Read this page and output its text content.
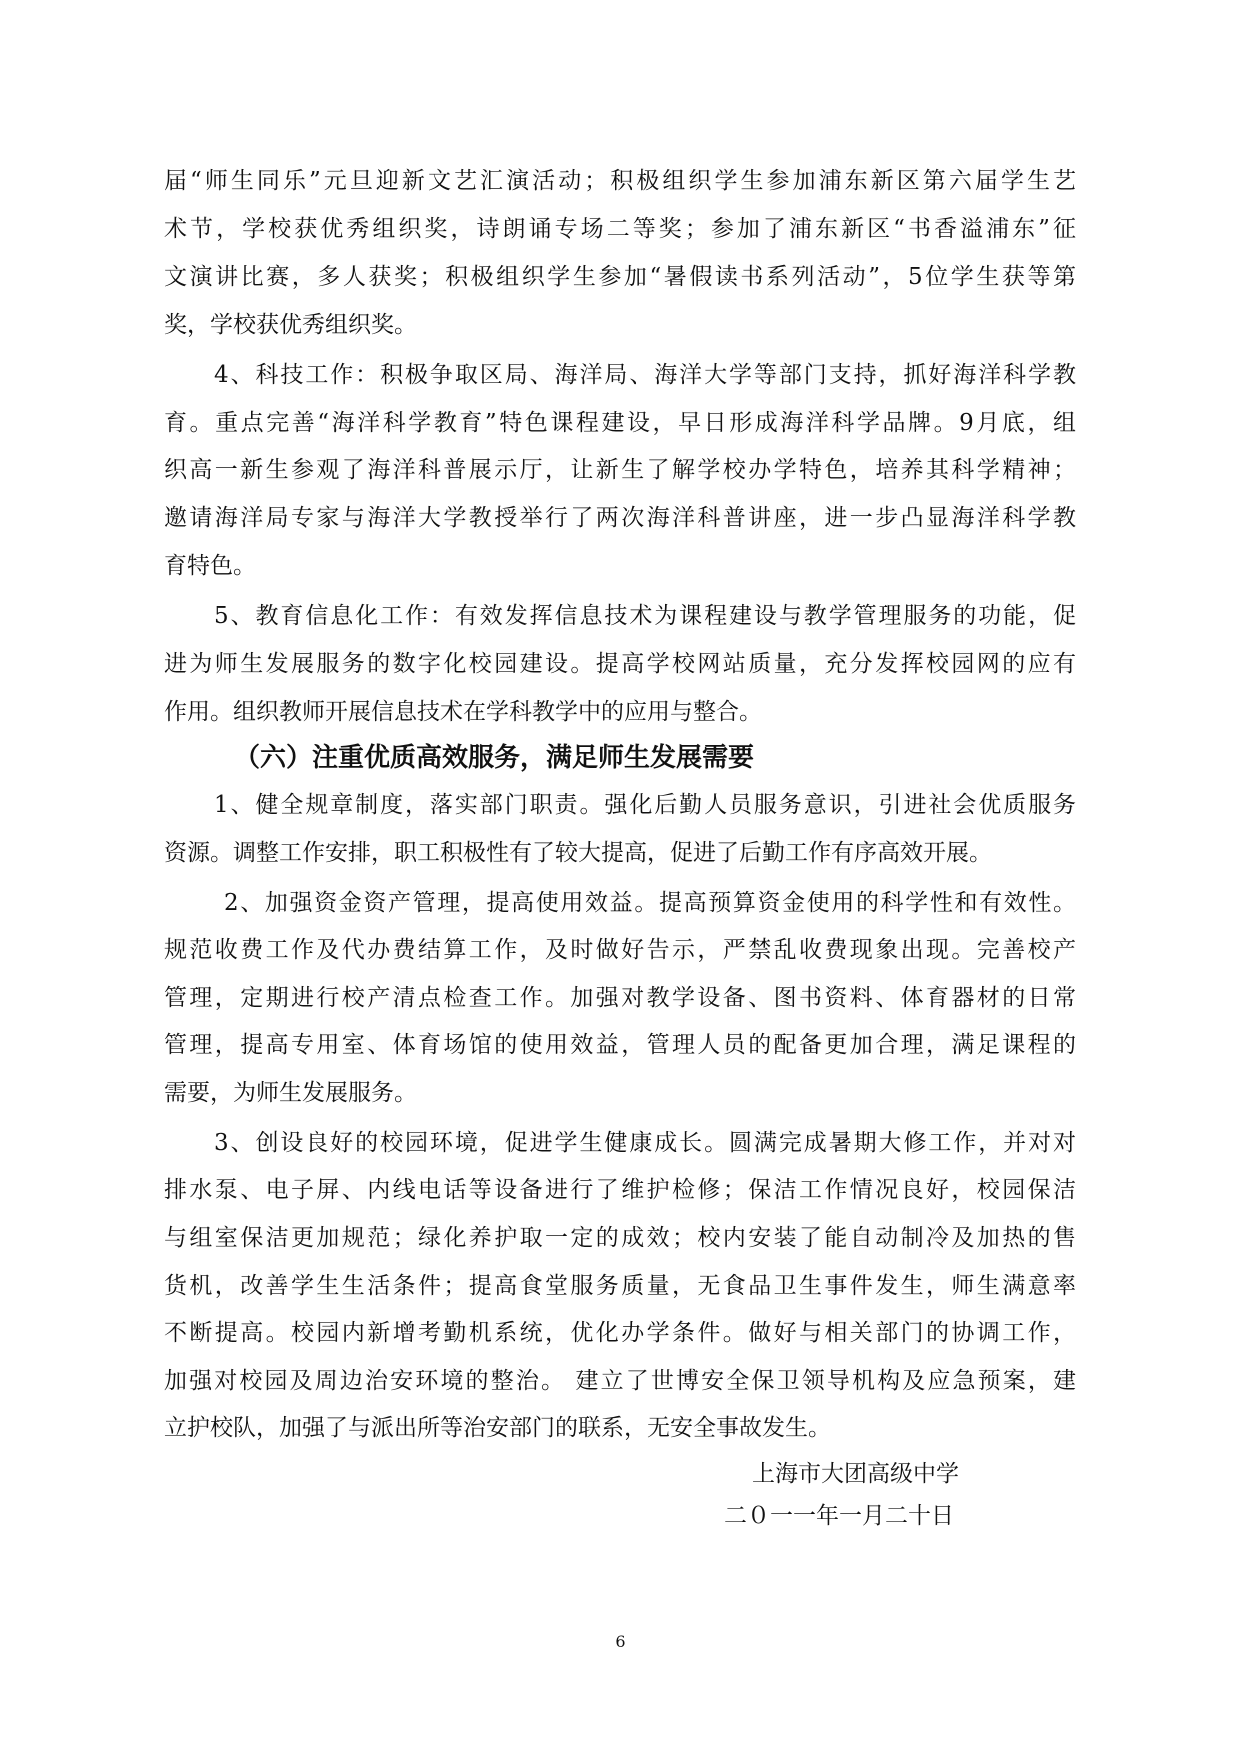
届“师生同乐”元旦迎新文艺汇演活动；积极组织学生参加浦东新区第六届学生艺
术节，学校获优秀组织奖，诗朗诵专场二等奖；参加了浦东新区“书香溢浦东”征
文演讲比赛，多人获奖；积极组织学生参加“暑假读书系列活动”，5位学生获等第
奖，学校获优秀组织奖。
4、科技工作：积极争取区局、海洋局、海洋大学等部门支持，抓好海洋科学教
育。重点完善“海洋科学教育”特色课程建设，早日形成海洋科学品牌。9月底，组
织高一新生参观了海洋科普展示厅，让新生了解学校办学特色，培养其科学精神；
邀请海洋局专家与海洋大学教授举行了两次海洋科普讲座，进一步凸显海洋科学教
育特色。
5、教育信息化工作：有效发挥信息技术为课程建设与教学管理服务的功能，促
进为师生发展服务的数字化校园建设。提高学校网站质量，充分发挥校园网的应有
作用。组织教师开展信息技术在学科教学中的应用与整合。
（六）注重优质高效服务，满足师生发展需要
1、健全规章制度，落实部门职责。强化后勤人员服务意识，引进社会优质服务
资源。调整工作安排，职工积极性有了较大提高，促进了后勤工作有序高效开展。
2、加强资金资产管理，提高使用效益。提高预算资金使用的科学性和有效性。
规范收费工作及代办费结算工作，及时做好告示，严禁乱收费现象出现。完善校产
管理，定期进行校产清点检查工作。加强对教学设备、图书资料、体育器材的日常
管理，提高专用室、体育场馆的使用效益，管理人员的配备更加合理，满足课程的
需要，为师生发展服务。
3、创设良好的校园环境，促进学生健康成长。圆满完成暑期大修工作，并对对
排水泵、电子屏、内线电话等设备进行了维护检修；保洁工作情况良好，校园保洁
与组室保洁更加规范；绿化养护取一定的成效；校内安装了能自动制冷及加热的售
货机，改善学生生活条件；提高食堂服务质量，无食品卫生事件发生，师生满意率
不断提高。校园内新增考勤机系统，优化办学条件。做好与相关部门的协调工作，
加强对校园及周边治安环境的整治。 建立了世博安全保卫领导机构及应急预案，建
立护校队，加强了与派出所等治安部门的联系，无安全事故发生。
上海市大团高级中学
二０一一年一月二十日
6
